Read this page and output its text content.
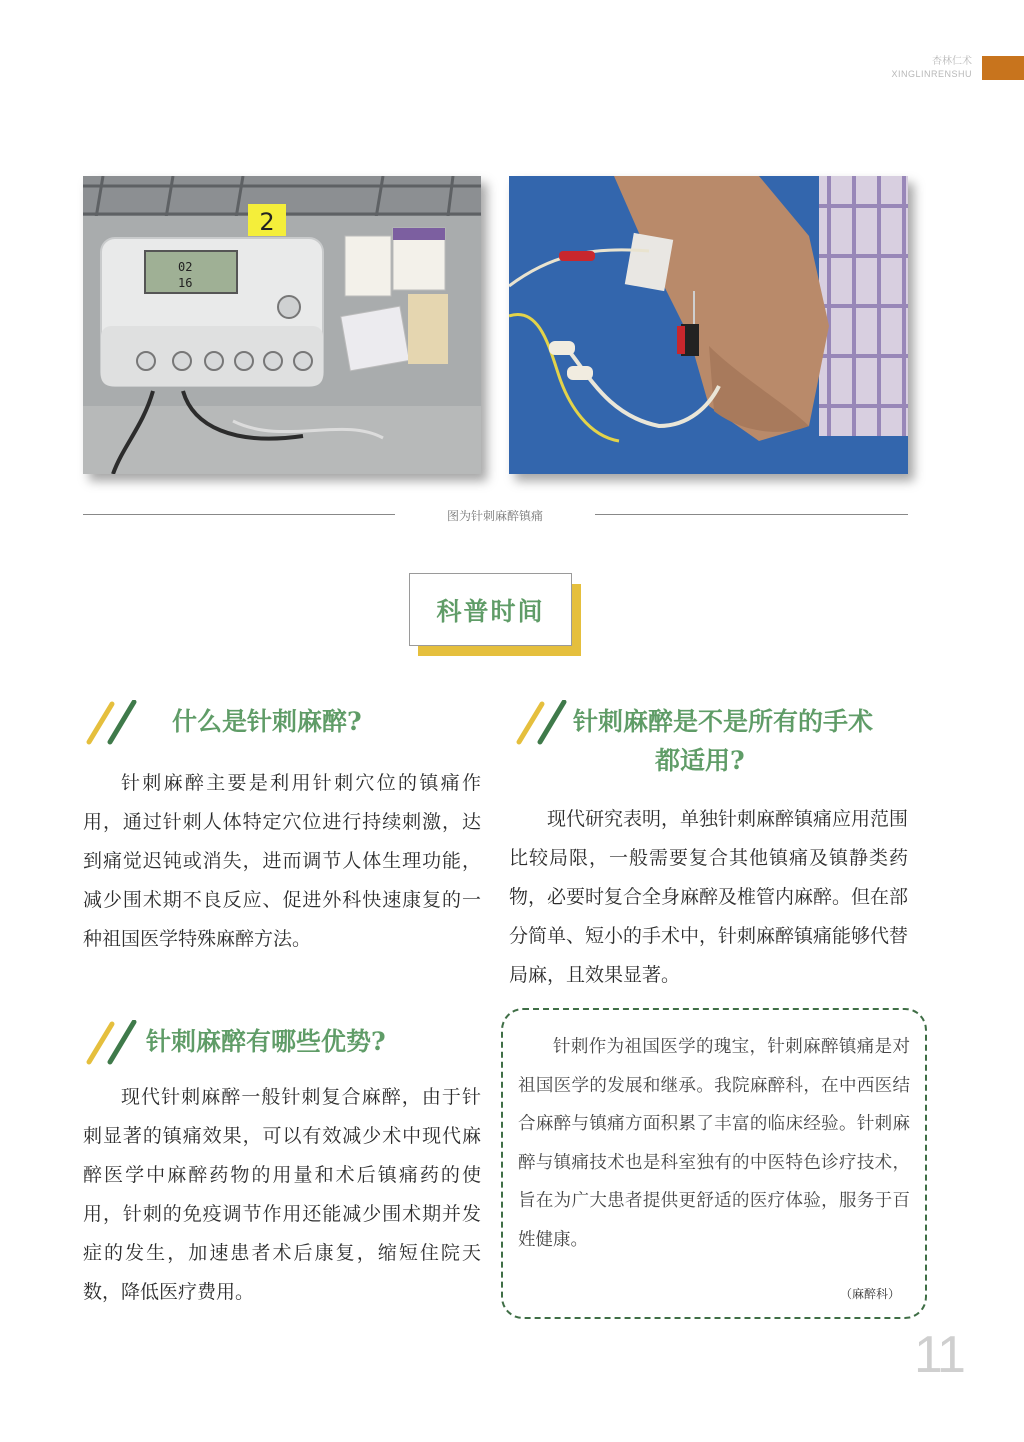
杏林仁术
XINGLINRENSHU
02
16
2
图为针刺麻醉镇痛
科普时间
什么是针刺麻醉?

针刺麻醉主要是利用针刺穴位的镇痛作用，通过针刺人体特定穴位进行持续刺激，达到痛觉迟钝或消失，进而调节人体生理功能，减少围术期不良反应、促进外科快速康复的一种祖国医学特殊麻醉方法。

针刺麻醉有哪些优势?

现代针刺麻醉一般针刺复合麻醉，由于针刺显著的镇痛效果，可以有效减少术中现代麻醉医学中麻醉药物的用量和术后镇痛药的使用，针刺的免疫调节作用还能减少围术期并发症的发生，加速患者术后康复，缩短住院天数，降低医疗费用。

针刺麻醉是不是所有的手术
都适用?

现代研究表明，单独针刺麻醉镇痛应用范围比较局限，一般需要复合其他镇痛及镇静类药物，必要时复合全身麻醉及椎管内麻醉。但在部分简单、短小的手术中，针刺麻醉镇痛能够代替局麻，且效果显著。

针刺作为祖国医学的瑰宝，针刺麻醉镇痛是对祖国医学的发展和继承。我院麻醉科，在中西医结合麻醉与镇痛方面积累了丰富的临床经验。针刺麻醉与镇痛技术也是科室独有的中医特色诊疗技术，旨在为广大患者提供更舒适的医疗体验，服务于百姓健康。

（麻醉科）
11
